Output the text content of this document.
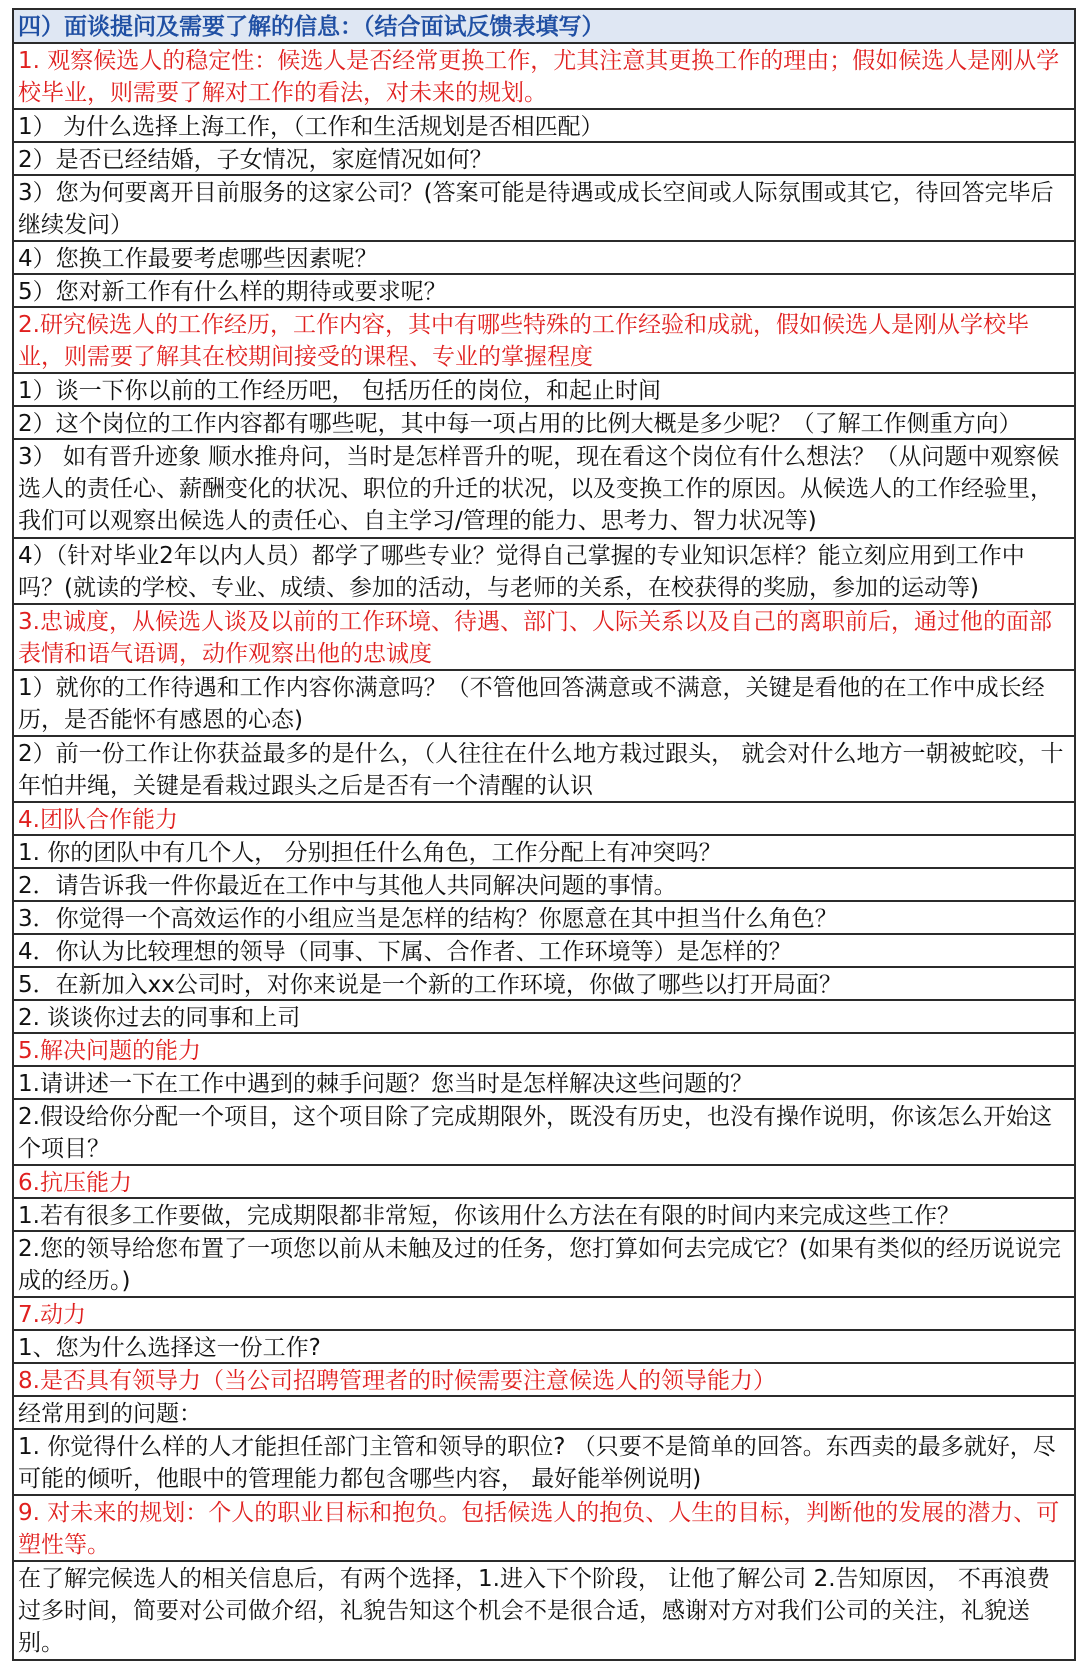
四）面谈提问及需要了解的信息：（结合面试反馈表填写）
1. 观察候选人的稳定性：候选人是否经常更换工作，尤其注意其更换工作的理由；假如候选人是刚从学校毕业，则需要了解对工作的看法，对未来的规划。
1） 为什么选择上海工作，（工作和生活规划是否相匹配）
2）是否已经结婚，子女情况，家庭情况如何？
3）您为何要离开目前服务的这家公司？(答案可能是待遇或成长空间或人际氛围或其它，待回答完毕后继续发问）
4）您换工作最要考虑哪些因素呢？
5）您对新工作有什么样的期待或要求呢？
2.研究候选人的工作经历，工作内容，其中有哪些特殊的工作经验和成就，假如候选人是刚从学校毕业，则需要了解其在校期间接受的课程、专业的掌握程度
1）谈一下你以前的工作经历吧， 包括历任的岗位，和起止时间
2）这个岗位的工作内容都有哪些呢，其中每一项占用的比例大概是多少呢？（了解工作侧重方向）
3） 如有晋升迹象 顺水推舟问，当时是怎样晋升的呢，现在看这个岗位有什么想法？（从问题中观察候选人的责任心、薪酬变化的状况、职位的升迁的状况，以及变换工作的原因。从候选人的工作经验里，我们可以观察出候选人的责任心、自主学习/管理的能力、思考力、智力状况等)
4）（针对毕业2年以内人员）都学了哪些专业？觉得自己掌握的专业知识怎样？能立刻应用到工作中吗？(就读的学校、专业、成绩、参加的活动，与老师的关系，在校获得的奖励，参加的运动等)
3.忠诚度，从候选人谈及以前的工作环境、待遇、部门、人际关系以及自己的离职前后，通过他的面部表情和语气语调，动作观察出他的忠诚度
1）就你的工作待遇和工作内容你满意吗？（不管他回答满意或不满意，关键是看他的在工作中成长经历，是否能怀有感恩的心态)
2）前一份工作让你获益最多的是什么，（人往往在什么地方栽过跟头， 就会对什么地方一朝被蛇咬，十年怕井绳，关键是看栽过跟头之后是否有一个清醒的认识
4.团队合作能力
1. 你的团队中有几个人， 分别担任什么角色，工作分配上有冲突吗？
2．请告诉我一件你最近在工作中与其他人共同解决问题的事情。
3．你觉得一个高效运作的小组应当是怎样的结构？你愿意在其中担当什么角色？
4．你认为比较理想的领导（同事、下属、合作者、工作环境等）是怎样的？
5．在新加入xx公司时，对你来说是一个新的工作环境，你做了哪些以打开局面？
2. 谈谈你过去的同事和上司
5.解决问题的能力
1.请讲述一下在工作中遇到的棘手问题？您当时是怎样解决这些问题的？
2.假设给你分配一个项目，这个项目除了完成期限外，既没有历史，也没有操作说明，你该怎么开始这个项目？
6.抗压能力
1.若有很多工作要做，完成期限都非常短，你该用什么方法在有限的时间内来完成这些工作？
2.您的领导给您布置了一项您以前从未触及过的任务，您打算如何去完成它？(如果有类似的经历说说完成的经历。)
7.动力
1、您为什么选择这一份工作?
8.是否具有领导力（当公司招聘管理者的时候需要注意候选人的领导能力）
经常用到的问题：
1. 你觉得什么样的人才能担任部门主管和领导的职位? （只要不是简单的回答。东西卖的最多就好，尽可能的倾听，他眼中的管理能力都包含哪些内容， 最好能举例说明)
9. 对未来的规划：个人的职业目标和抱负。包括候选人的抱负、人生的目标，判断他的发展的潜力、可塑性等。
在了解完候选人的相关信息后，有两个选择，1.进入下个阶段， 让他了解公司 2.告知原因， 不再浪费过多时间，简要对公司做介绍，礼貌告知这个机会不是很合适，感谢对方对我们公司的关注，礼貌送别。
